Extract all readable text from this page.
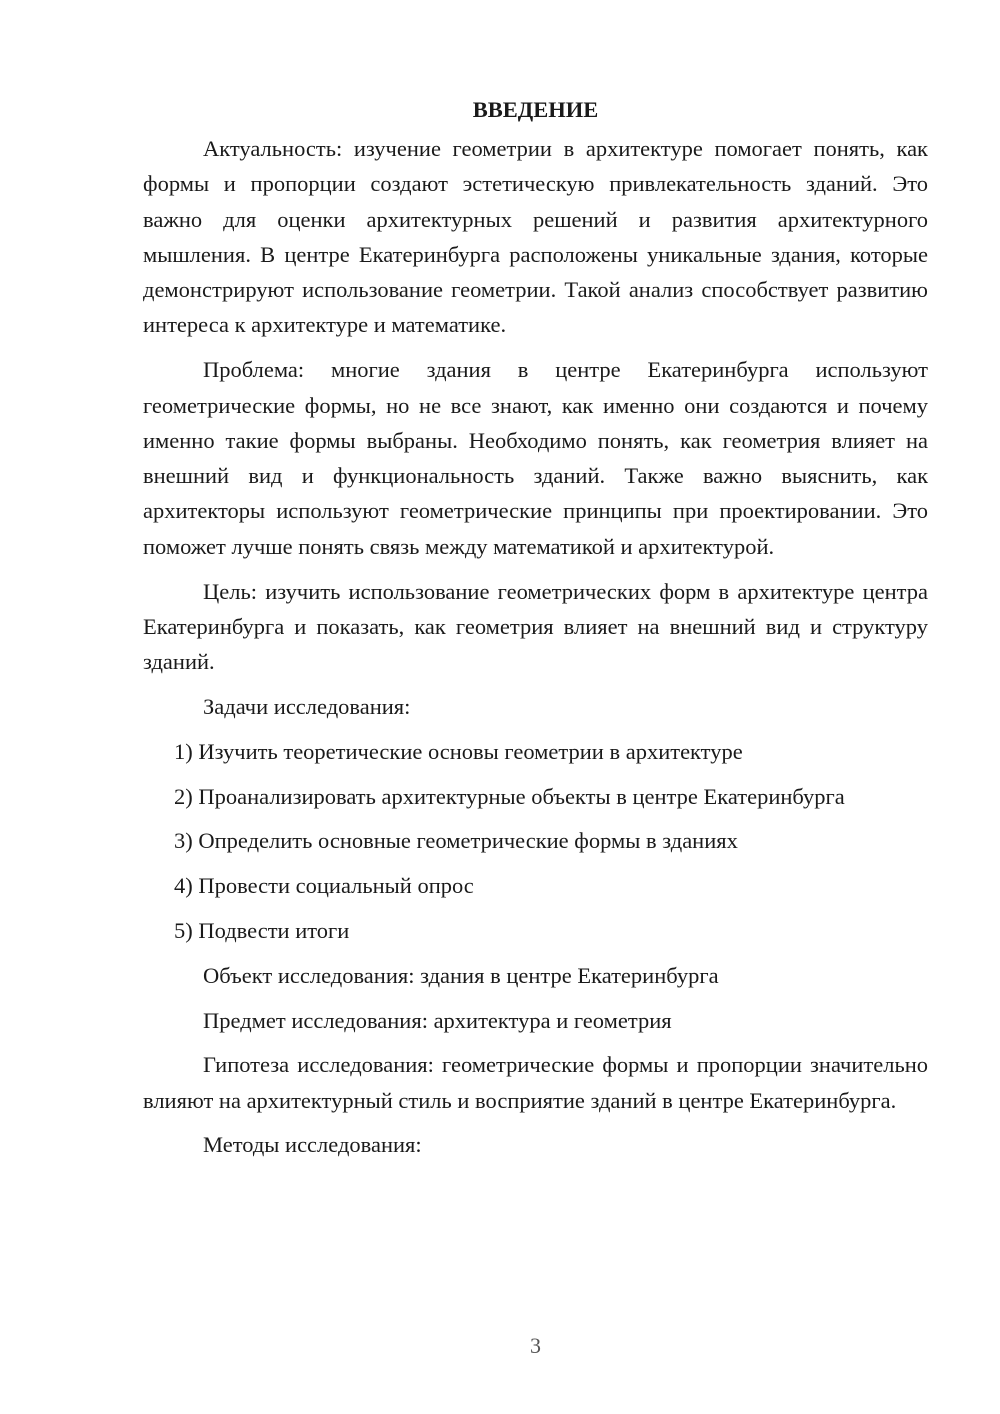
ВВЕДЕНИЕ

Актуальность: изучение геометрии в архитектуре помогает понять, как формы и пропорции создают эстетическую привлекательность зданий. Это важно для оценки архитектурных решений и развития архитектурного мышления. В центре Екатеринбурга расположены уникальные здания, которые демонстрируют использование геометрии. Такой анализ способствует развитию интереса к архитектуре и математике.

Проблема: многие здания в центре Екатеринбурга используют геометрические формы, но не все знают, как именно они создаются и почему именно такие формы выбраны. Необходимо понять, как геометрия влияет на внешний вид и функциональность зданий. Также важно выяснить, как архитекторы используют геометрические принципы при проектировании. Это поможет лучше понять связь между математикой и архитектурой.

Цель: изучить использование геометрических форм в архитектуре центра Екатеринбурга и показать, как геометрия влияет на внешний вид и структуру зданий.

Задачи исследования:

1) Изучить теоретические основы геометрии в архитектуре
2) Проанализировать архитектурные объекты в центре Екатеринбурга
3) Определить основные геометрические формы в зданиях
4) Провести социальный опрос
5) Подвести итоги

Объект исследования: здания в центре Екатеринбурга

Предмет исследования: архитектура и геометрия

Гипотеза исследования: геометрические формы и пропорции значительно влияют на архитектурный стиль и восприятие зданий в центре Екатеринбурга.

Методы исследования:

3
